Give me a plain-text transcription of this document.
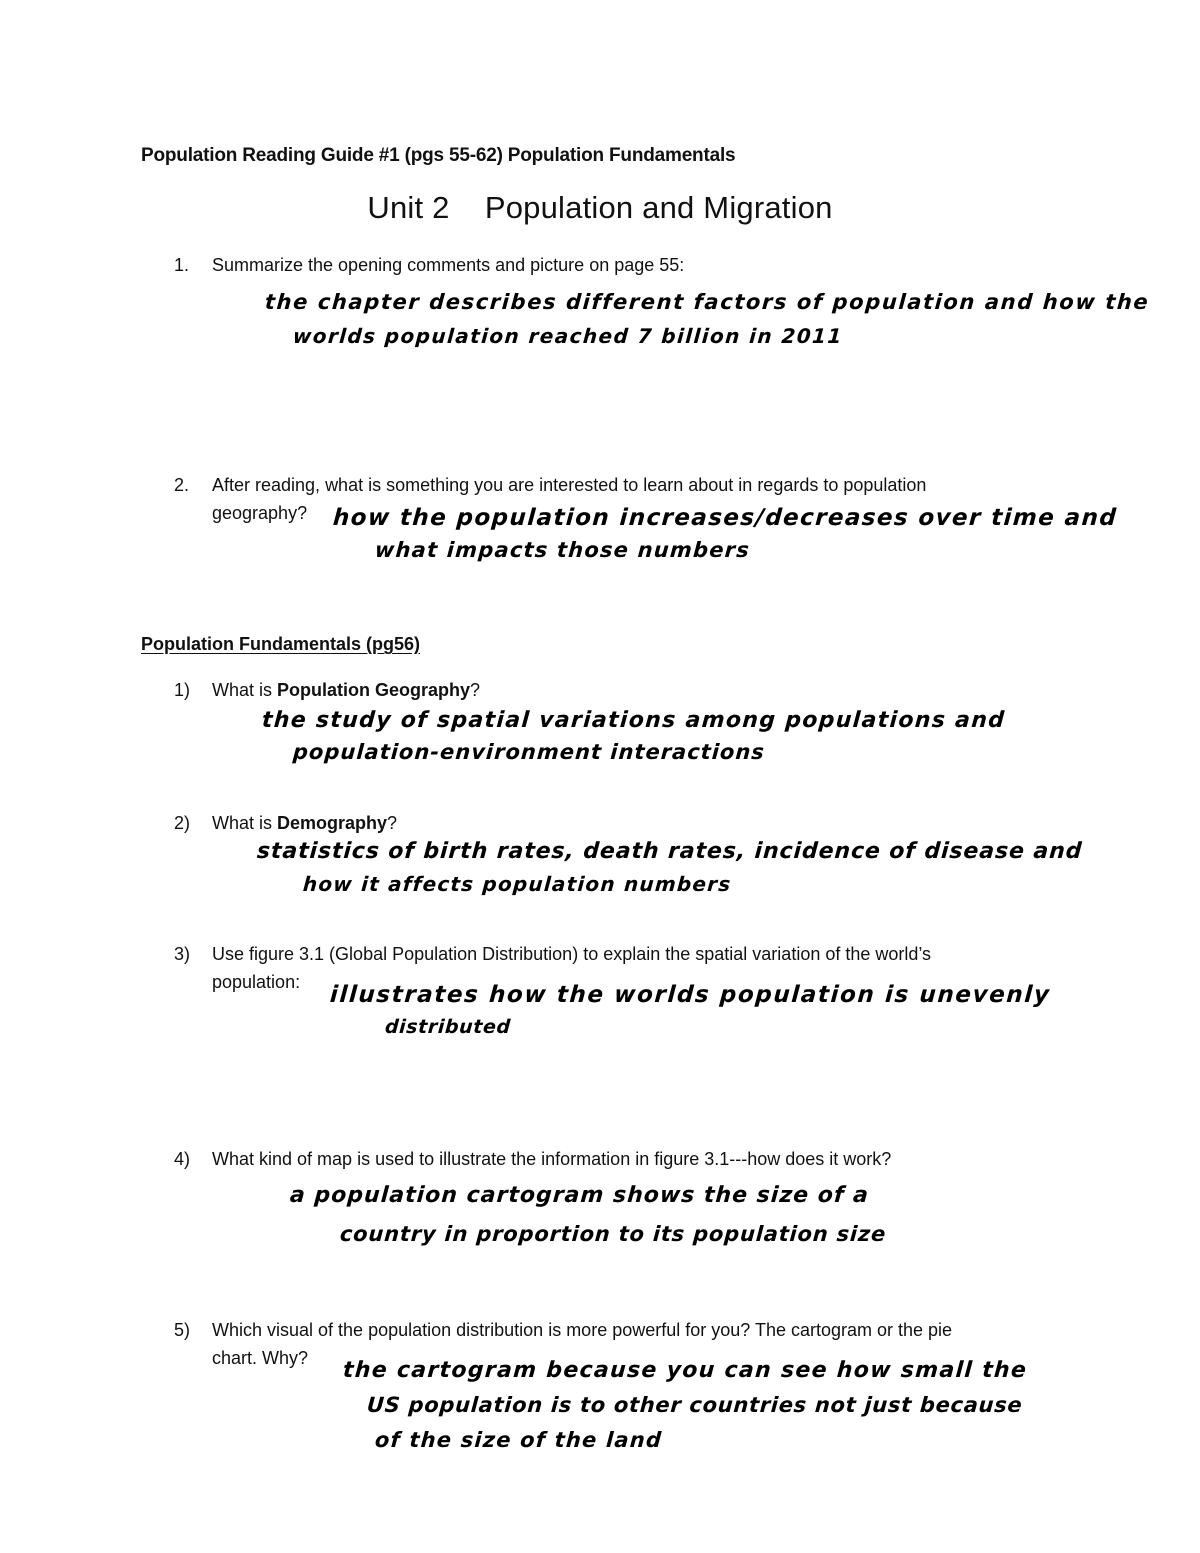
Population Reading Guide #1 (pgs 55-62) Population Fundamentals
Unit 2    Population and Migration
1. Summarize the opening comments and picture on page 55:
the chapter describes different factors of population and how the
worlds population reached 7 billion in 2011
2. After reading, what is something you are interested to learn about in regards to population
geography? how the population increases/decreases over time and
what impacts those numbers
Population Fundamentals (pg56)
1) What is Population Geography?
the study of spatial variations among populations and
population-environment interactions
2) What is Demography?
statistics of birth rates, death rates, incidence of disease and
how it affects population numbers
3) Use figure 3.1 (Global Population Distribution) to explain the spatial variation of the world’s
population: illustrates how the worlds population is unevenly
distributed
4) What kind of map is used to illustrate the information in figure 3.1---how does it work?
a population cartogram shows the size of a
country in proportion to its population size
5) Which visual of the population distribution is more powerful for you? The cartogram or the pie
chart. Why? the cartogram because you can see how small the
US population is to other countries not just because
of the size of the land
